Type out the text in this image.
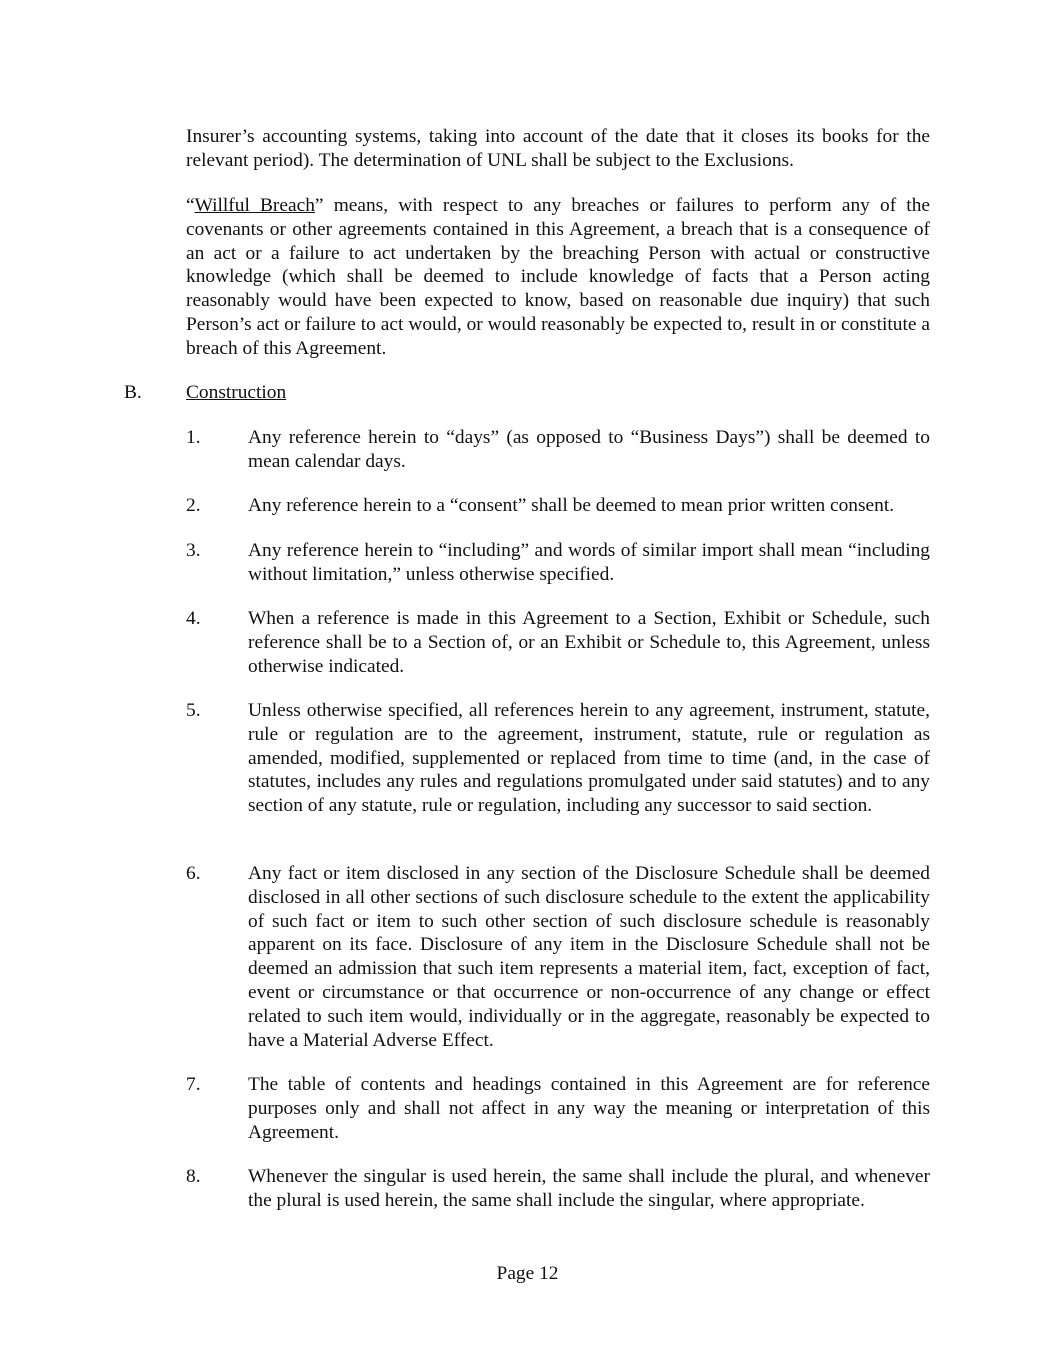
Insurer’s accounting systems, taking into account of the date that it closes its books for the relevant period). The determination of UNL shall be subject to the Exclusions.

“Willful Breach” means, with respect to any breaches or failures to perform any of the covenants or other agreements contained in this Agreement, a breach that is a consequence of an act or a failure to act undertaken by the breaching Person with actual or constructive knowledge (which shall be deemed to include knowledge of facts that a Person acting reasonably would have been expected to know, based on reasonable due inquiry) that such Person’s act or failure to act would, or would reasonably be expected to, result in or constitute a breach of this Agreement.

B. Construction
1. Any reference herein to “days” (as opposed to “Business Days”) shall be deemed to mean calendar days.

2. Any reference herein to a “consent” shall be deemed to mean prior written consent.

3. Any reference herein to “including” and words of similar import shall mean “including without limitation,” unless otherwise specified.

4. When a reference is made in this Agreement to a Section, Exhibit or Schedule, such reference shall be to a Section of, or an Exhibit or Schedule to, this Agreement, unless otherwise indicated.

5. Unless otherwise specified, all references herein to any agreement, instrument, statute, rule or regulation are to the agreement, instrument, statute, rule or regulation as amended, modified, supplemented or replaced from time to time (and, in the case of statutes, includes any rules and regulations promulgated under said statutes) and to any section of any statute, rule or regulation, including any successor to said section.

6. Any fact or item disclosed in any section of the Disclosure Schedule shall be deemed disclosed in all other sections of such disclosure schedule to the extent the applicability of such fact or item to such other section of such disclosure schedule is reasonably apparent on its face. Disclosure of any item in the Disclosure Schedule shall not be deemed an admission that such item represents a material item, fact, exception of fact, event or circumstance or that occurrence or non-occurrence of any change or effect related to such item would, individually or in the aggregate, reasonably be expected to have a Material Adverse Effect.

7. The table of contents and headings contained in this Agreement are for reference purposes only and shall not affect in any way the meaning or interpretation of this Agreement.

8. Whenever the singular is used herein, the same shall include the plural, and whenever the plural is used herein, the same shall include the singular, where appropriate.

Page 12
